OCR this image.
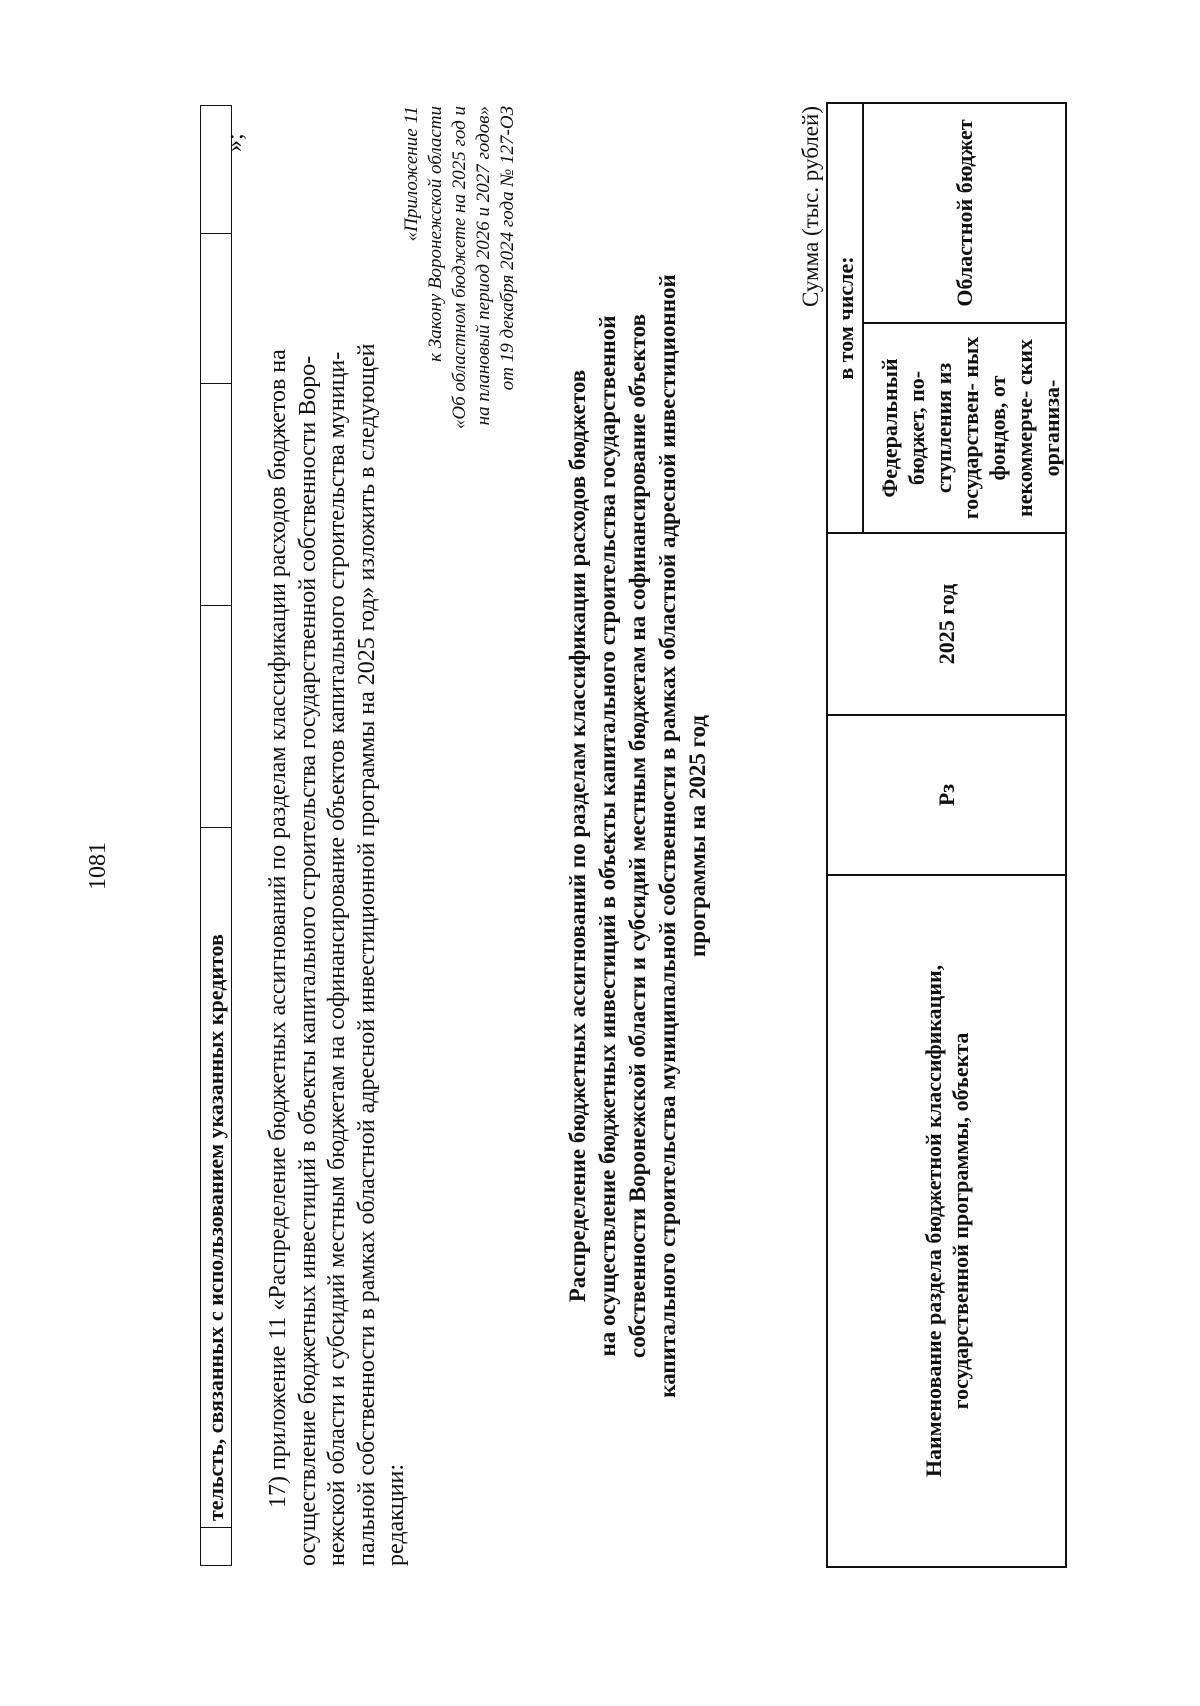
1081
	тельсть, связанных с использованием указанных кредитов				
»;
17) приложение 11 «Распределение бюджетных ассигнований по разделам классификации расходов бюджетов на осуществление бюджетных инвестиций в объекты капитального строительства государственной собственности Воро- нежской области и субсидий местным бюджетам на софинансирование объектов капитального строительства муници- пальной собственности в рамках областной адресной инвестиционной программы на 2025 год» изложить в следующей редакции:
«Приложение 11 к Закону Воронежской области «Об областном бюджете на 2025 год и на плановый период 2026 и 2027 годов» от 19 декабря 2024 года № 127-ОЗ
Распределение бюджетных ассигнований по разделам классификации расходов бюджетов на осуществление бюджетных инвестиций в объекты капитального строительства государственной собственности Воронежской области и субсидий местным бюджетам на софинансирование объектов капитального строительства муниципальной собственности в рамках областной адресной инвестиционной программы на 2025 год
Сумма (тыс. рублей)
Наименование раздела бюджетной классификации, государственной программы, объекта	Рз	2025 год	в том числе:	
			Федеральный бюджет, по- ступления из государствен- ных фондов, от некоммерче- ских организа-	Областной бюджет
